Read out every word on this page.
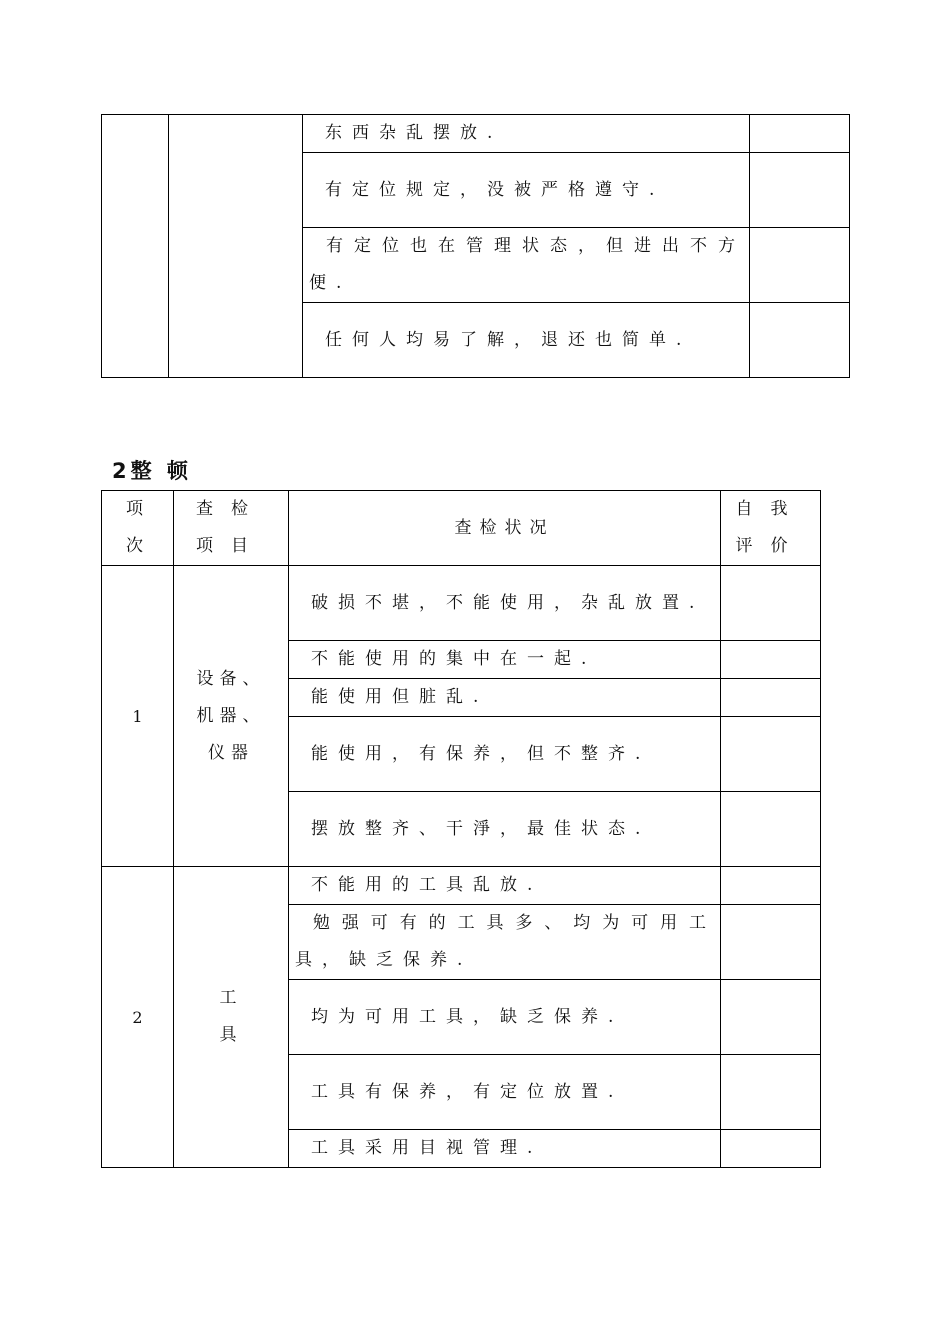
		东西杂乱摆放.	
		有定位规定，没被严格遵守.	
		有定位也在管理状态，但进出不方便.	
		任何人均易了解，退还也简单.	
2整 顿
项次	查检项目	查检状况	自我评价

1	设备、机器、仪器	破损不堪，不能使用，杂乱放置.	
		不能使用的集中在一起.	
		能使用但脏乱.	
		能使用，有保养，但不整齐.	
		摆放整齐、干淨，最佳状态.	
2	工具	不能用的工具乱放.	
		勉强可有的工具多、均为可用工具，缺乏保养.	
		均为可用工具，缺乏保养.	
		工具有保养，有定位放置.	
		工具采用目视管理.	
